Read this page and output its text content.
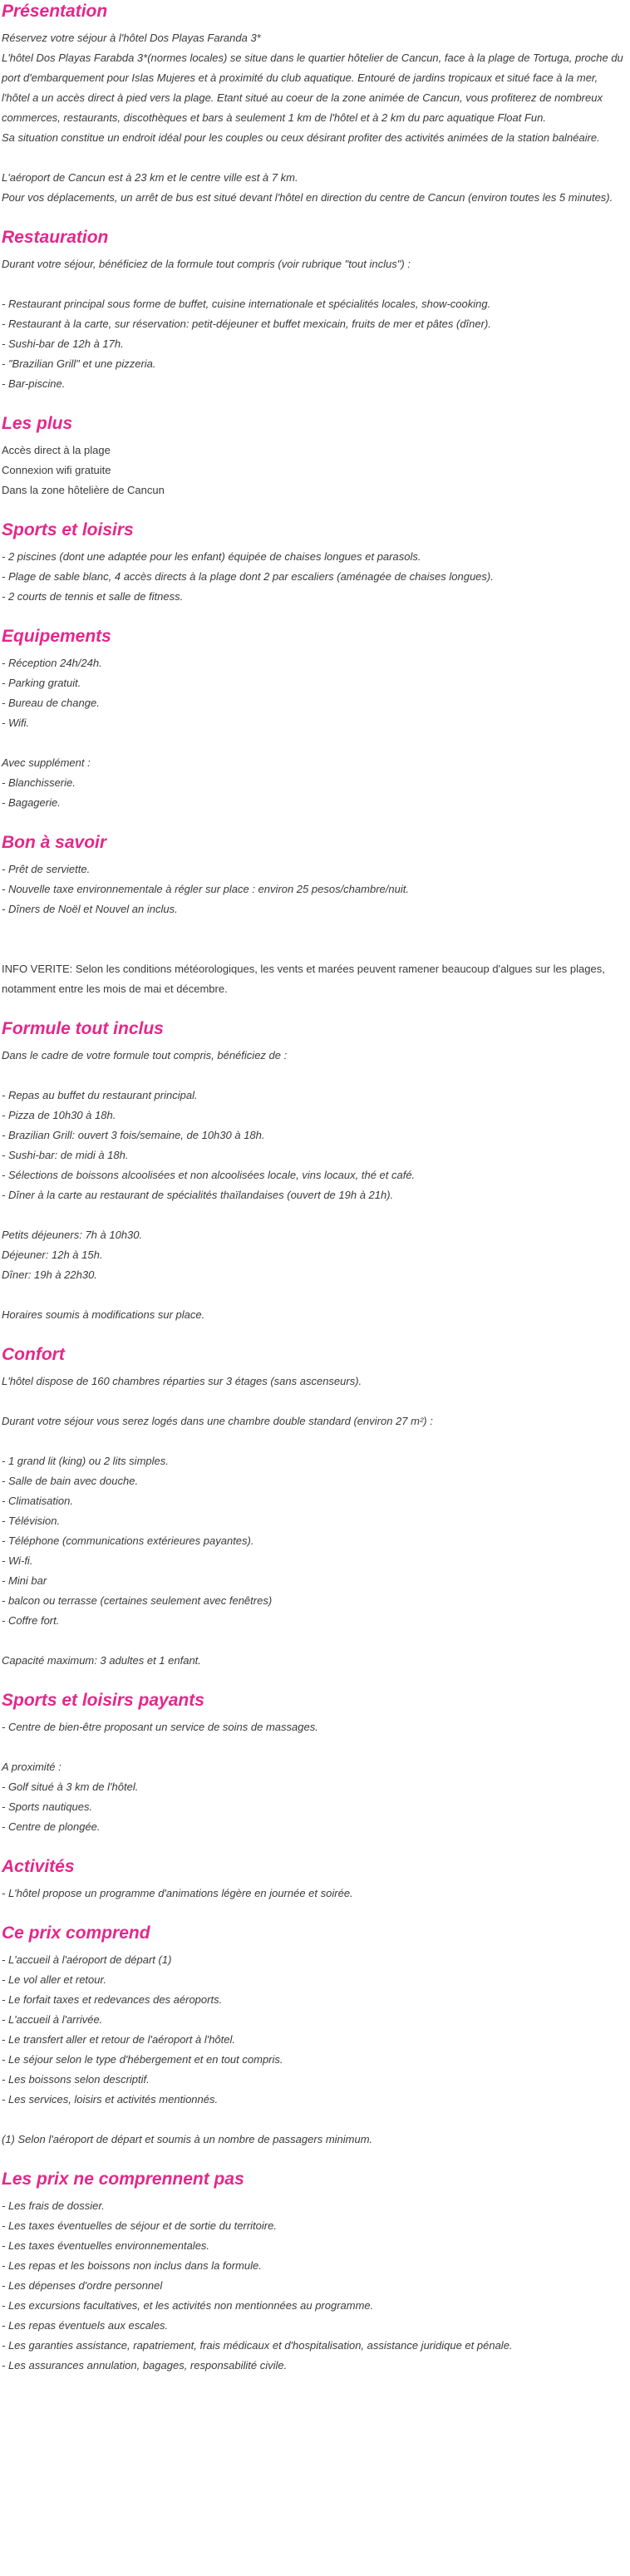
Présentation
Réservez votre séjour à l'hôtel Dos Playas Faranda 3*
L'hôtel Dos Playas Farabda 3*(normes locales) se situe dans le quartier hôtelier de Cancun, face à la plage de Tortuga, proche du port d'embarquement pour Islas Mujeres et à proximité du club aquatique. Entouré de jardins tropicaux et situé face à la mer, l'hôtel a un accès direct à pied vers la plage. Etant situé au coeur de la zone animée de Cancun, vous profiterez de nombreux commerces, restaurants, discothèques et bars à seulement 1 km de l'hôtel et à 2 km du parc aquatique Float Fun.
Sa situation constitue un endroit idéal pour les couples ou ceux désirant profiter des activités animées de la station balnéaire.
L'aéroport de Cancun est à 23 km et le centre ville est à 7 km.
Pour vos déplacements, un arrêt de bus est situé devant l'hôtel en direction du centre de Cancun (environ toutes les 5 minutes).
Restauration
Durant votre séjour, bénéficiez de la formule tout compris (voir rubrique "tout inclus") :
- Restaurant principal sous forme de buffet, cuisine internationale et spécialités locales, show-cooking.
- Restaurant à la carte, sur réservation: petit-déjeuner et buffet mexicain, fruits de mer et pâtes (dîner).
- Sushi-bar de 12h à 17h.
- "Brazilian Grill" et une pizzeria.
- Bar-piscine.
Les plus
Accès direct à la plage
Connexion wifi gratuite
Dans la zone hôtelière de Cancun
Sports et loisirs
- 2 piscines (dont une adaptée pour les enfant) équipée de chaises longues et parasols.
- Plage de sable blanc, 4 accès directs à la plage dont 2 par escaliers (aménagée de chaises longues).
- 2 courts de tennis et salle de fitness.
Equipements
- Réception 24h/24h.
- Parking gratuit.
- Bureau de change.
- Wifi.
Avec supplément :
- Blanchisserie.
- Bagagerie.
Bon à savoir
- Prêt de serviette.
- Nouvelle taxe environnementale à régler sur place : environ 25 pesos/chambre/nuit.
- Dîners de Noël et Nouvel an inclus.
INFO VERITE: Selon les conditions météorologiques, les vents et marées peuvent ramener beaucoup d'algues sur les plages, notamment entre les mois de mai et décembre.
Formule tout inclus
Dans le cadre de votre formule tout compris, bénéficiez de :
- Repas au buffet du restaurant principal.
- Pizza de 10h30 à 18h.
- Brazilian Grill: ouvert 3 fois/semaine, de 10h30 à 18h.
- Sushi-bar: de midi à 18h.
- Sélections de boissons alcoolisées et non alcoolisées locale, vins locaux, thé et café.
- Dîner à la carte au restaurant de spécialités thaïlandaises (ouvert de 19h à 21h).
Petits déjeuners: 7h à 10h30.
Déjeuner: 12h à 15h.
Dîner: 19h à 22h30.
Horaires soumis à modifications sur place.
Confort
L'hôtel dispose de 160 chambres réparties sur 3 étages (sans ascenseurs).
Durant votre séjour vous serez logés dans une chambre double standard (environ 27 m²) :
- 1 grand lit (king) ou 2 lits simples.
- Salle de bain avec douche.
- Climatisation.
- Télévision.
- Téléphone (communications extérieures payantes).
- Wi-fi.
- Mini bar
- balcon ou terrasse (certaines seulement avec fenêtres)
- Coffre fort.
Capacité maximum: 3 adultes et 1 enfant.
Sports et loisirs payants
- Centre de bien-être proposant un service de soins de massages.
A proximité :
- Golf situé à 3 km de l'hôtel.
- Sports nautiques.
- Centre de plongée.
Activités
- L'hôtel propose un programme d'animations légère en journée et soirée.
Ce prix comprend
- L'accueil à l'aéroport de départ (1)
- Le vol aller et retour.
- Le forfait taxes et redevances des aéroports.
- L'accueil à l'arrivée.
- Le transfert aller et retour de l'aéroport à l'hôtel.
- Le séjour selon le type d'hébergement et en tout compris.
- Les boissons selon descriptif.
- Les services, loisirs et activités mentionnés.
(1) Selon l'aéroport de départ et soumis à un nombre de passagers minimum.
Les prix ne comprennent pas
- Les frais de dossier.
- Les taxes éventuelles de séjour et de sortie du territoire.
- Les taxes éventuelles environnementales.
- Les repas et les boissons non inclus dans la formule.
- Les dépenses d'ordre personnel
- Les excursions facultatives, et les activités non mentionnées au programme.
- Les repas éventuels aux escales.
- Les garanties assistance, rapatriement, frais médicaux et d'hospitalisation, assistance juridique et pénale.
- Les assurances annulation, bagages, responsabilité civile.
